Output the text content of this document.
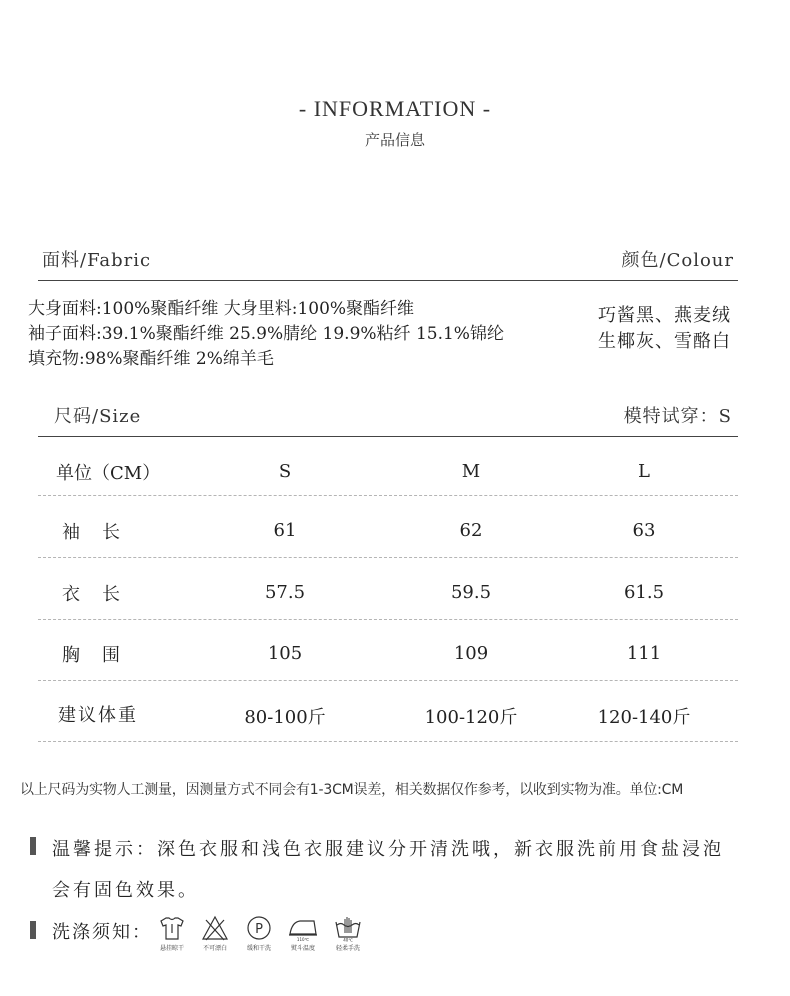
- INFORMATION -
产品信息
面料/Fabric	颜色/Colour
大身面料:100%聚酯纤维 大身里料:100%聚酯纤维
袖子面料:39.1%聚酯纤维 25.9%腈纶 19.9%粘纤 15.1%锦纶
填充物:98%聚酯纤维 2%绵羊毛
巧酱黑、燕麦绒
生椰灰、雪酪白
尺码/Size	模特试穿：S
单位（CM）	S	M	L
袖　长	61	62	63
衣　长	57.5	59.5	61.5
胸　围	105	109	111
建议体重	80-100斤	100-120斤	120-140斤
以上尺码为实物人工测量，因测量方式不同会有1-3CM误差，相关数据仅作参考，以收到实物为准。单位:CM
温馨提示：深色衣服和浅色衣服建议分开清洗哦，新衣服洗前用食盐浸泡
会有固色效果。
洗涤须知：
悬挂晾干	不可漂白
P
缓和干洗
110℃
熨斗温度
40℃
轻柔手洗
